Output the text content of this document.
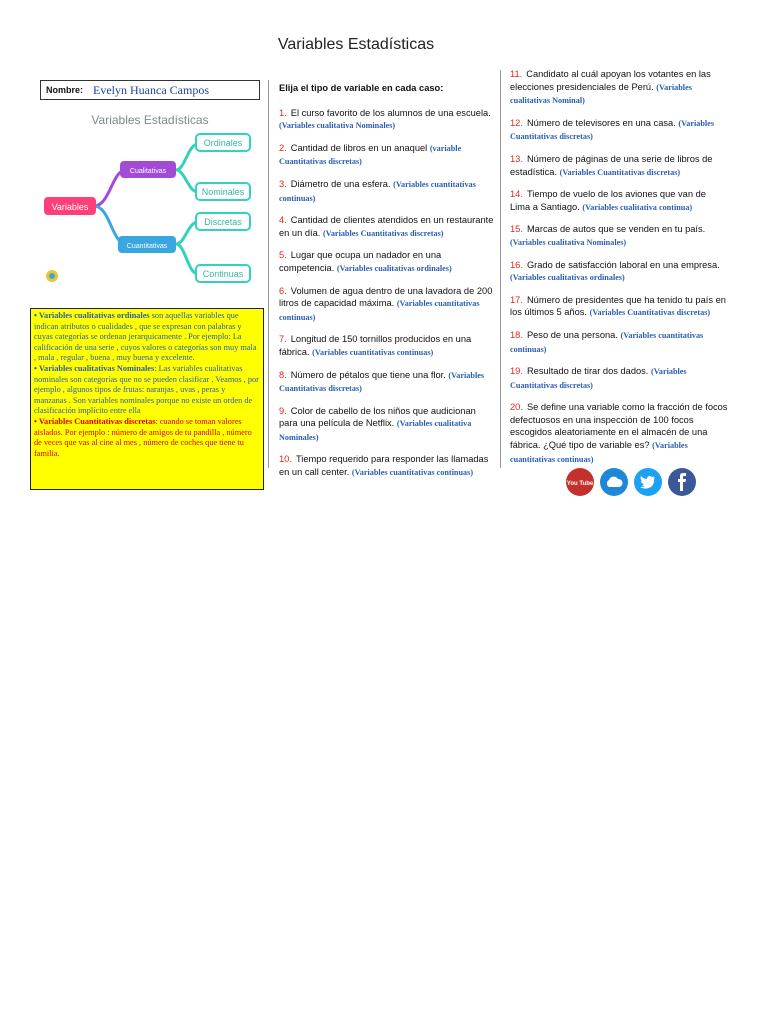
Variables Estadísticas
Nombre: Evelyn Huanca Campos
Variables Estadísticas
Variables
Cualitativas
Cuantitativas
Ordinales
Nominales
Discretas
Continuas

• Variables cualitativas ordinales son aquellas variables que indican atributos o cualidades , que se expresan con palabras y cuyas categorías se ordenan jerarquicamente . Por ejemplo: La calificación de una serie , cuyos valores o categorías son muy mala , mala , regular , buena , muy buena y excelente.

• Variables cualitativas Nominales: Las variables cualitativas nominales son categorías que no se pueden clasificar . Veamos , por ejemplo , algunos tipos de frutas: naranjas , uvas , peras y manzanas . Son variables nominales porque no existe un orden de clasificación implícito entre ella

• Variables Cuantitativas discretas: cuando se toman valores aislados. Por ejemplo : número de amigos de tu pandilla , número de veces que vas al cine al mes , número de coches que tiene tu familia.

Elija el tipo de variable en cada caso:
1. El curso favorito de los alumnos de una escuela. (Variables cualitativa Nominales)
2. Cantidad de libros en un anaquel (variable Cuantitativas discretas)
3. Diámetro de una esfera. (Variables cuantitativas continuas)
4. Cantidad de clientes atendidos en un restaurante en un día. (Variables Cuantitativas discretas)
5. Lugar que ocupa un nadador en una competencia. (Variables cualitativas ordinales)
6. Volumen de agua dentro de una lavadora de 200 litros de capacidad máxima. (Variables cuantitativas continuas)
7. Longitud de 150 tornillos producidos en una fábrica. (Variables cuantitativas continuas)
8. Número de pétalos que tiene una flor. (Variables Cuantitativas discretas)
9. Color de cabello de los niños que audicionan para una película de Netflix. (Variables cualitativa Nominales)
10. Tiempo requerido para responder las llamadas en un call center. (Variables cuantitativas continuas)
11. Candidato al cuál apoyan los votantes en las elecciones presidenciales de Perú. (Variables cualitativas Nominal)
12. Número de televisores en una casa. (Variables Cuantitativas discretas)
13. Número de páginas de una serie de libros de estadística. (Variables Cuantitativas discretas)
14. Tiempo de vuelo de los aviones que van de Lima a Santiago. (Variables cualitativa continua)
15. Marcas de autos que se venden en tu país. (Variables cualitativa Nominales)
16. Grado de satisfacción laboral en una empresa. (Variables cualitativas ordinales)
17. Número de presidentes que ha tenido tu país en los últimos 5 años. (Variables Cuantitativas discretas)
18. Peso de una persona. (Variables cuantitativas continuas)
19. Resultado de tirar dos dados. (Variables Cuantitativas discretas)
20. Se define una variable como la fracción de focos defectuosos en una inspección de 100 focos escogidos aleatoriamente en el almacén de una fábrica. ¿Qué tipo de variable es? (Variables cuantitativas continuas)
You Tube
